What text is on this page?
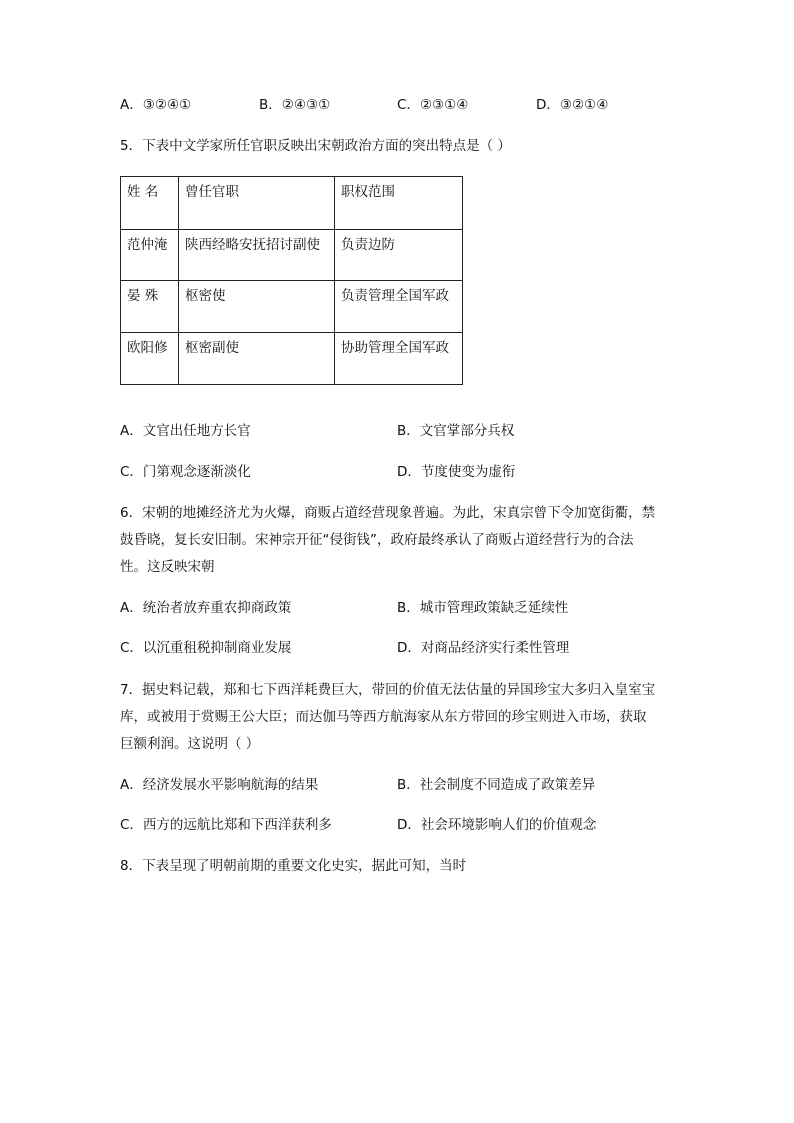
A．③②④①	B．②④③①	C．②③①④	D．③②①④
5．下表中文学家所任官职反映出宋朝政治方面的突出特点是（ ）
姓 名	曾任官职	职权范围
范仲淹	陕西经略安抚招讨副使	负责边防
晏 殊	枢密使	负责管理全国军政
欧阳修	枢密副使	协助管理全国军政
A．文官出任地方长官	B．文官掌部分兵权
C．门第观念逐渐淡化	D．节度使变为虚衔
6．宋朝的地摊经济尤为火爆，商贩占道经营现象普遍。为此，宋真宗曾下令加宽街衢，禁
鼓昏晓，复长安旧制。宋神宗开征“侵街钱”，政府最终承认了商贩占道经营行为的合法
性。这反映宋朝
A．统治者放弃重农抑商政策	B．城市管理政策缺乏延续性
C．以沉重租税抑制商业发展	D．对商品经济实行柔性管理
7．据史料记载，郑和七下西洋耗费巨大，带回的价值无法估量的异国珍宝大多归入皇室宝
库，或被用于赏赐王公大臣；而达伽马等西方航海家从东方带回的珍宝则进入市场，获取
巨额利润。这说明（ ）
A．经济发展水平影响航海的结果	B．社会制度不同造成了政策差异
C．西方的远航比郑和下西洋获利多	D．社会环境影响人们的价值观念
8．下表呈现了明朝前期的重要文化史实，据此可知，当时
